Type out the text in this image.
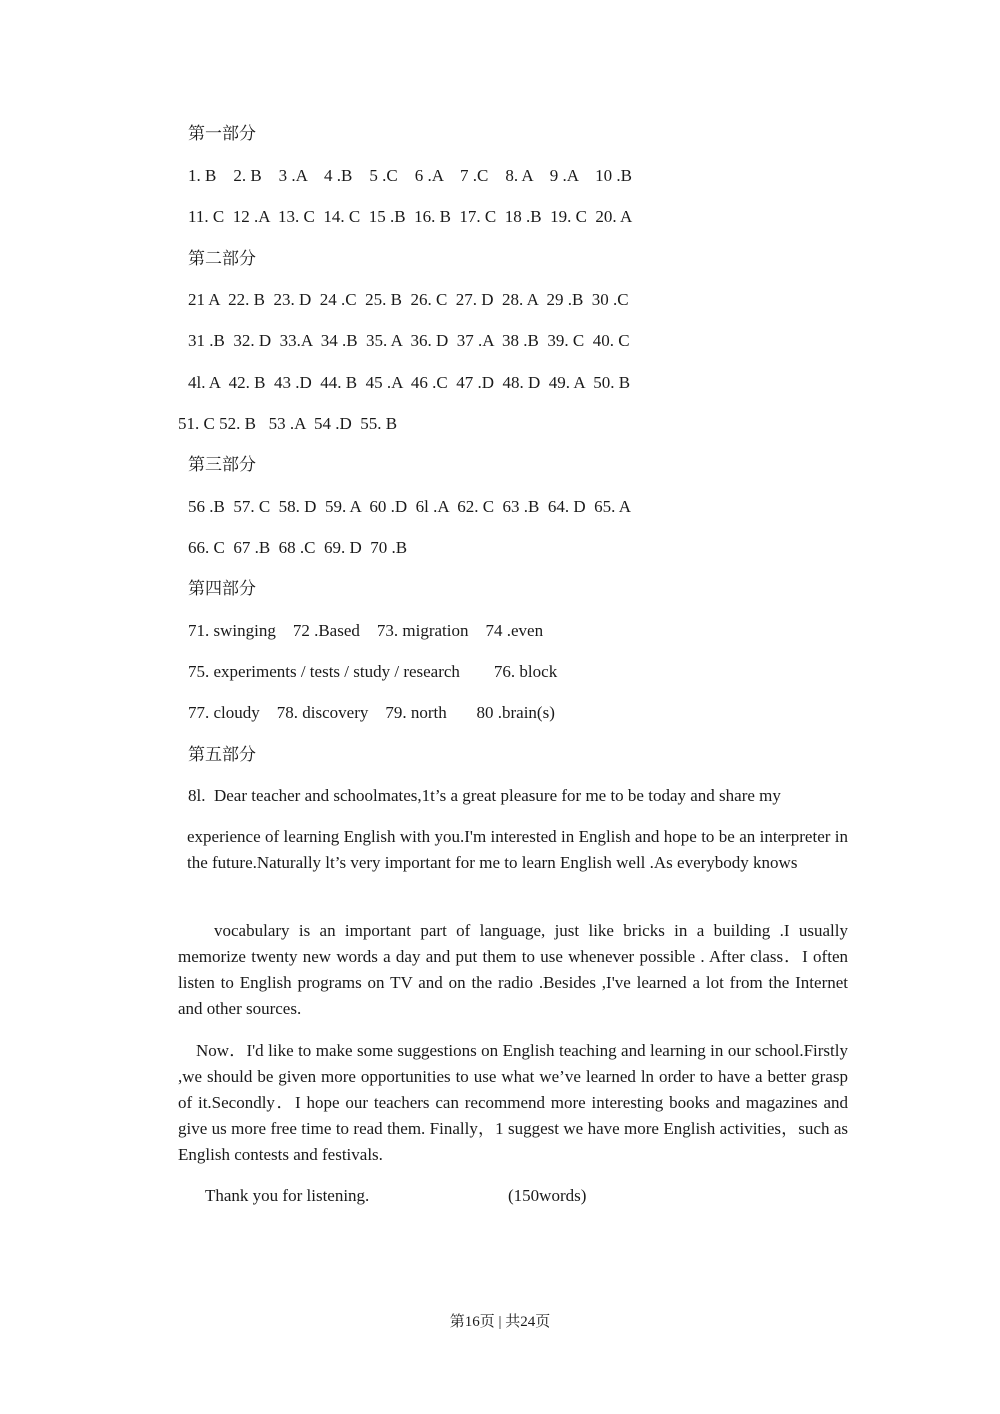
第一部分
1. B    2. B    3 .A    4 .B    5 .C    6 .A    7 .C    8. A    9 .A    10 .B
11. C  12 .A  13. C  14. C  15 .B  16. B  17. C  18 .B  19. C  20. A
第二部分
21 A  22. B  23. D  24 .C  25. B  26. C  27. D  28. A  29 .B  30 .C
31 .B  32. D  33.A  34 .B  35. A  36. D  37 .A  38 .B  39. C  40. C
4l. A  42. B  43 .D  44. B  45 .A  46 .C  47 .D  48. D  49. A  50. B
51. C 52. B   53 .A  54 .D  55. B
第三部分
56 .B  57. C  58. D  59. A  60 .D  6l .A  62. C  63 .B  64. D  65. A
66. C  67 .B  68 .C  69. D  70 .B
第四部分
71. swinging    72 .Based    73. migration    74 .even
75. experiments / tests / study / research        76. block
77. cloudy    78. discovery    79. north       80 .brain(s)
第五部分
8l.  Dear teacher and schoolmates,1t’s a great pleasure for me to be today and share my
experience of learning English with you.I'm interested in English and hope to be an interpreter in the future.Naturally lt’s very important for me to learn English well .As everybody knows
vocabulary is an important part of language, just like bricks in a building .I usually memorize twenty new words a day and put them to use whenever possible . After class．I often listen to English programs on TV and on the radio .Besides ,I've learned a lot from the Internet and other sources.
Now．I'd like to make some suggestions on English teaching and learning in our school.Firstly ,we should be given more opportunities to use what we’ve learned ln order to have a better grasp of it.Secondly．I hope our teachers can recommend more interesting books and magazines and give us more free time to read them. Finally，1 suggest we have more English activities，such as English contests and festivals.
Thank you for listening.	(150words)
第16页 | 共24页
